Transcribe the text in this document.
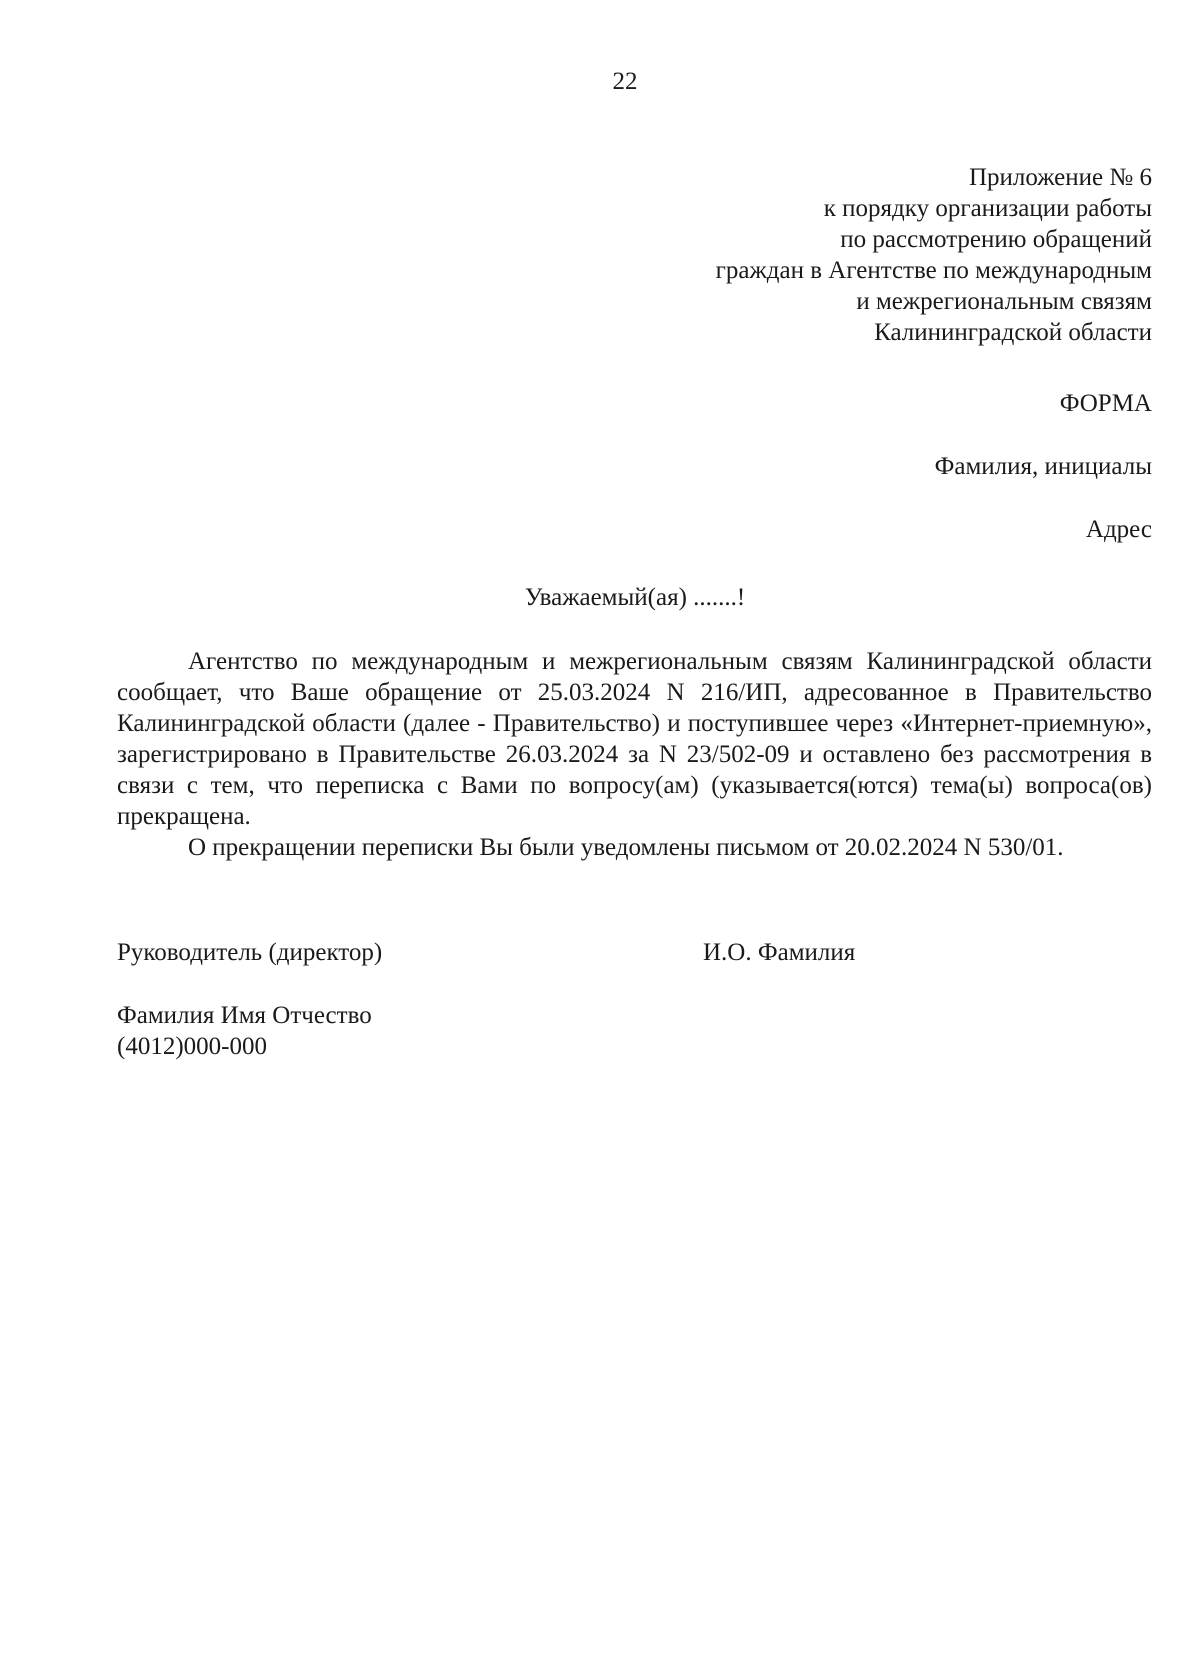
22
Приложение № 6
к порядку организации работы
по рассмотрению обращений
граждан в Агентстве по международным
и межрегиональным связям
Калининградской области
ФОРМА
Фамилия, инициалы
Адрес
Уважаемый(ая) .......!

Агентство по международным и межрегиональным связям Калининградской области сообщает, что Ваше обращение от 25.03.2024 N 216/ИП, адресованное в Правительство Калининградской области (далее - Правительство) и поступившее через «Интернет-приемную», зарегистрировано в Правительстве 26.03.2024 за N 23/502-09 и оставлено без рассмотрения в связи с тем, что переписка с Вами по вопросу(ам) (указывается(ются) тема(ы) вопроса(ов) прекращена.

О прекращении переписки Вы были уведомлены письмом от 20.02.2024 N 530/01.

Руководитель (директор)	И.О. Фамилия
Фамилия Имя Отчество
(4012)000-000
